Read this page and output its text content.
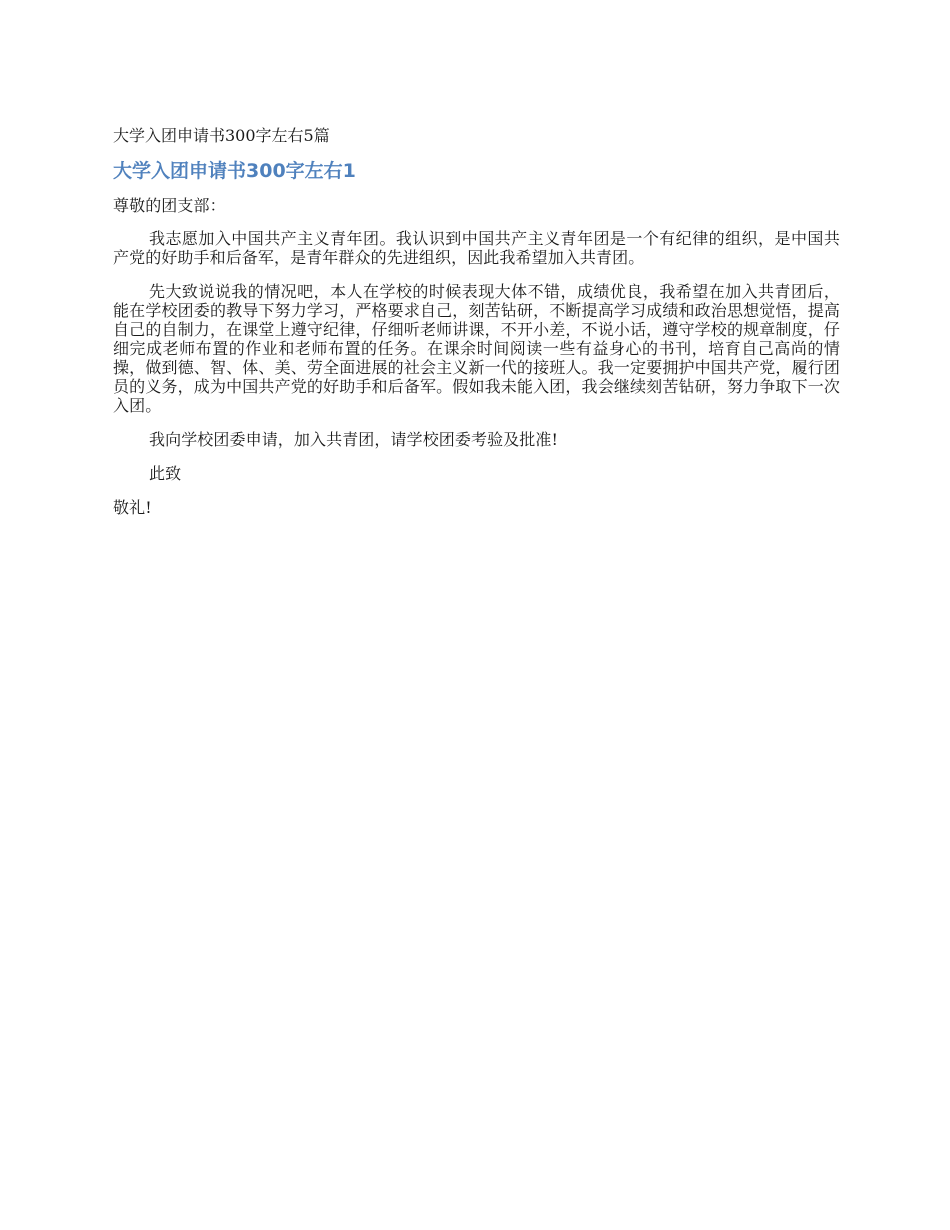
大学入团申请书300字左右5篇

大学入团申请书300字左右1

尊敬的团支部：

我志愿加入中国共产主义青年团。我认识到中国共产主义青年团是一个有纪律的组织，是中国共产党的好助手和后备军，是青年群众的先进组织，因此我希望加入共青团。

先大致说说我的情况吧，本人在学校的时候表现大体不错，成绩优良，我希望在加入共青团后，能在学校团委的教导下努力学习，严格要求自己，刻苦钻研，不断提高学习成绩和政治思想觉悟，提高自己的自制力，在课堂上遵守纪律，仔细听老师讲课，不开小差，不说小话，遵守学校的规章制度，仔细完成老师布置的作业和老师布置的任务。在课余时间阅读一些有益身心的书刊，培育自己高尚的情操，做到德、智、体、美、劳全面进展的社会主义新一代的接班人。我一定要拥护中国共产党，履行团员的义务，成为中国共产党的好助手和后备军。假如我未能入团，我会继续刻苦钻研，努力争取下一次入团。

我向学校团委申请，加入共青团，请学校团委考验及批准!

此致

敬礼!
